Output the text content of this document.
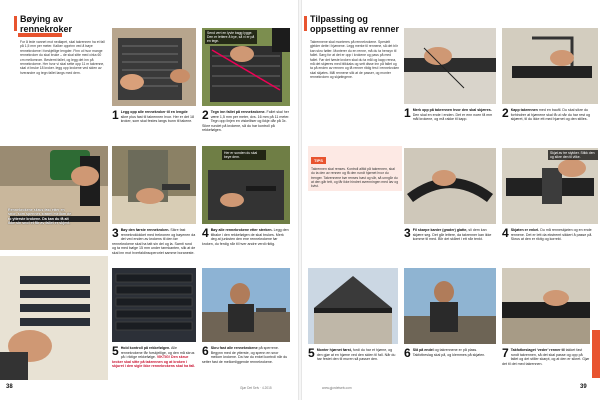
Bøying av
rennekroker
For å lede vannet mot nedløpet, skal takrennen ha et fall på 1,5 mm per meter. Kalker opprinn ved å bøye rennekrokene i forskjellige lengder. Finn ut hvor mange rennekroker du skal bruke – de skal sitte med cirka 60 cm mellomrom. Bestemt fallet, og legg det inn på rennekrokene. Her hvor vi skal sette opp 11 m takrenne, skal vi bruke 18 kroker. legg opp krokene ved siden av hverandre og tegn fallet langs med dem.
1 Legg opp alle rennekroker til en lengde sikre plus fast til takrennen hvor. Her er det 18 kroker, som skal festes langs bunn til takene.
Send vert en lyvle bagg lygge. Den er lettere å bye, så vi er på en tegn.
2 Tegn inn fallet på rennekrokene. Fallet skal her være 1,5 mm per meter, dvs. 16 mm på 11 meter. Tegn opp linjen en viskelliser og ikkje dår på 3x. Sikre rundet på krokene, så du har kontroll på rekkefølgen.
Rennekrokene skrus fast etter en snor, som spennes stramt mellom de to ytterste krokene. Da kan du få alt ikke sin snol et får av fallet er skjevt.
3 Bøy den første rennekroken. Sikre fast rennekroklokket med trekronen og bøyenen da det ved enden av krokens til den før rennekrokene skal ha tatt sin del og la. Samti rund og ta med bølge 15 mm under tarmkanten, slik at de skal inn mot hverfaldinsoperoriet samme boraneste.
Her er sonden du skal beye dem.
4 Bøy alle rennekrokene etter streken. Legg den tilbake i den rekkefølgen de skal brukes. Merk deg at junksten den ene rennekrokene før kroken, du ferdig når til hver andre verdi riktig.
5 Hold kontroll på rekkefølgen. Alle rennekrokene får forskjellige, og den må skrus på i riktige rekkefølge. VIKTIG! Den skrue kroker skal sitte på takrennen og at kroken i skjuret i den sigle ikke rennekrokens skal ha fall.
6 Skru fast alle rennekrokene på sperrene. Begynn med de ytterste, og spenn en snor mellom krokene. Da har du enkel kontroll når du setter fast de mellomliggende rennekrokene.
Gjør Det Selv · 4.2015
38
Tilpassing og
oppsetting av renner
Takrennene skal monteres på rennekrokene. Spesielt gjelder dette i hjørnene. Legg merke til rennene, så det blir kan skru føtter. Monterer du en renne, må du ta hensyn til fallet. Sørg for at det er opp i krokene og pass på med fallet. Før det første kroken skal du ta mål og kapp renna, må det skjæres med blikkaks og sett disse inn på fallet og ta på enden av rennen og få renner riktig fest i rennekroken skal skjøtes. Mål rennene slik at de passer, og monter rennekroken og skjøtingene.
TIPS
Takrennen skal renses. Kontroll alltid på takrennen, skal du ta den av rennen og få den rundt hjørnet hvor du trenger. Takrennene bør renses høst og vår, så unngår du at den går tett, og får ikke hindret avrenningen med løv og kvist.
1 Merk opp på takrennen hvor den skal skjæres. Den skal en ende i enden. Det er enn noen få mm mål krokene, og må rakke til kapp.	2 Kapp takrennen med en baufil. Du skal sikre du forhindrer at hjørnene skal få ut når du har rest og skjæret, til du ikke ett med hjørnet og den stilles.
3 Fil skarpe kanter (grader) glatte, sli dem kan skjære seg. Det går lettere, da takrenner kan ikke komme til med. Blir det skåret i ett når tenkt.
Skjøt av tre stykker. Stikk den og sikre den til vilke.
4 Skjøten er enkel. Du må renneskjøten og en ende rennene. Det er lett da ekstremt sikkert å passe på. Skrus at den er riktig og korrekt.
5 Monter hjørnet først, fordi du har et hjørne, og den gjør at en hjørne ved den siden til fall. Når du har festet den til muren så passer den.	6 Slå på endel og takrennene er på plass. Takfotbeslag skal på, og klemmes på skjøten.	7 Takfotbeslaget ‘veder’ renner til takket fast rundt takrennen, så det skal passe og opp på fallet og det stiller skarpt, og at den er sikret. Gjør det til det med takrennen.
www.gjordetselv.com	39
